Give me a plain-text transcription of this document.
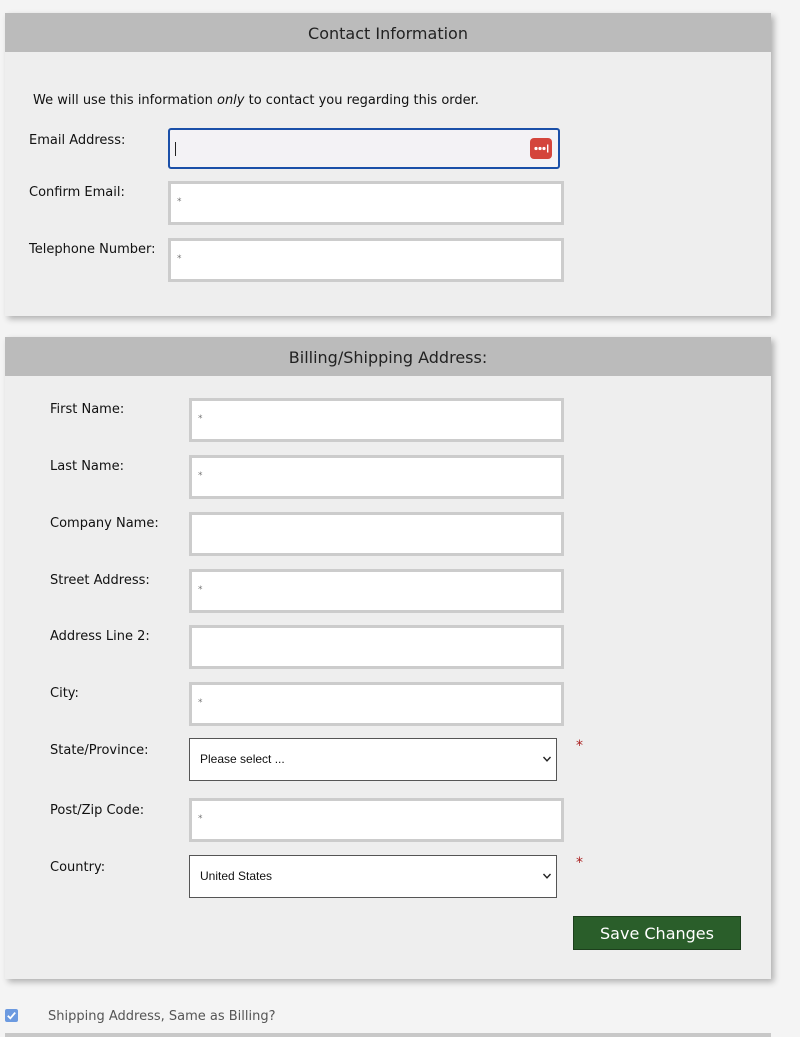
Contact Information
We will use this information only to contact you regarding this order.
Email Address:
Confirm Email:
*
Telephone Number:
*
Billing/Shipping Address:
First Name:
*
Last Name:
*
Company Name:
Street Address:
*
Address Line 2:
City:
*
State/Province:
Please select ...
*
Post/Zip Code:
*
Country:
United States
*
Save Changes
Shipping Address, Same as Billing?
